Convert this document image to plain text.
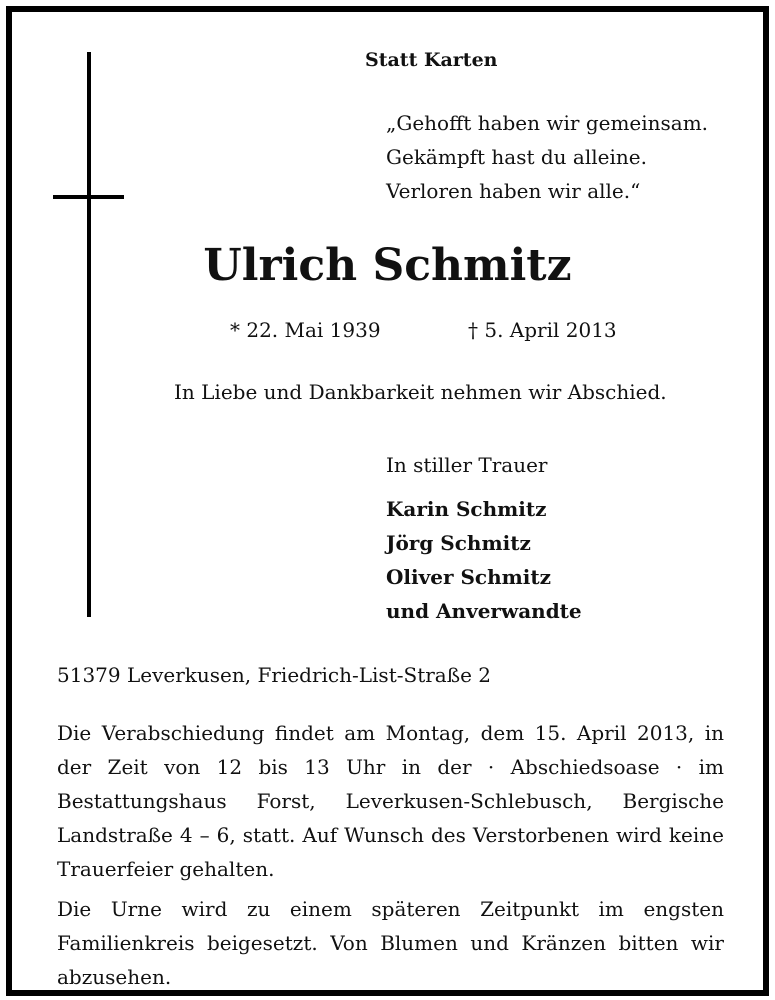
Statt Karten
„Gehofft haben wir gemeinsam.
Gekämpft hast du alleine.
Verloren haben wir alle.“
Ulrich Schmitz
* 22. Mai 1939	† 5. April 2013
In Liebe und Dankbarkeit nehmen wir Abschied.
In stiller Trauer
Karin Schmitz
Jörg Schmitz
Oliver Schmitz
und Anverwandte
51379 Leverkusen, Friedrich-List-Straße 2
Die Verabschiedung findet am Montag, dem 15. April 2013, in der Zeit von 12 bis 13 Uhr in der · Abschiedsoase · im Bestattungshaus Forst, Leverkusen-Schlebusch, Bergische Landstraße 4 – 6, statt. Auf Wunsch des Verstorbenen wird keine Trauerfeier gehalten.
Die Urne wird zu einem späteren Zeitpunkt im engsten Familienkreis beigesetzt. Von Blumen und Kränzen bitten wir abzusehen.
